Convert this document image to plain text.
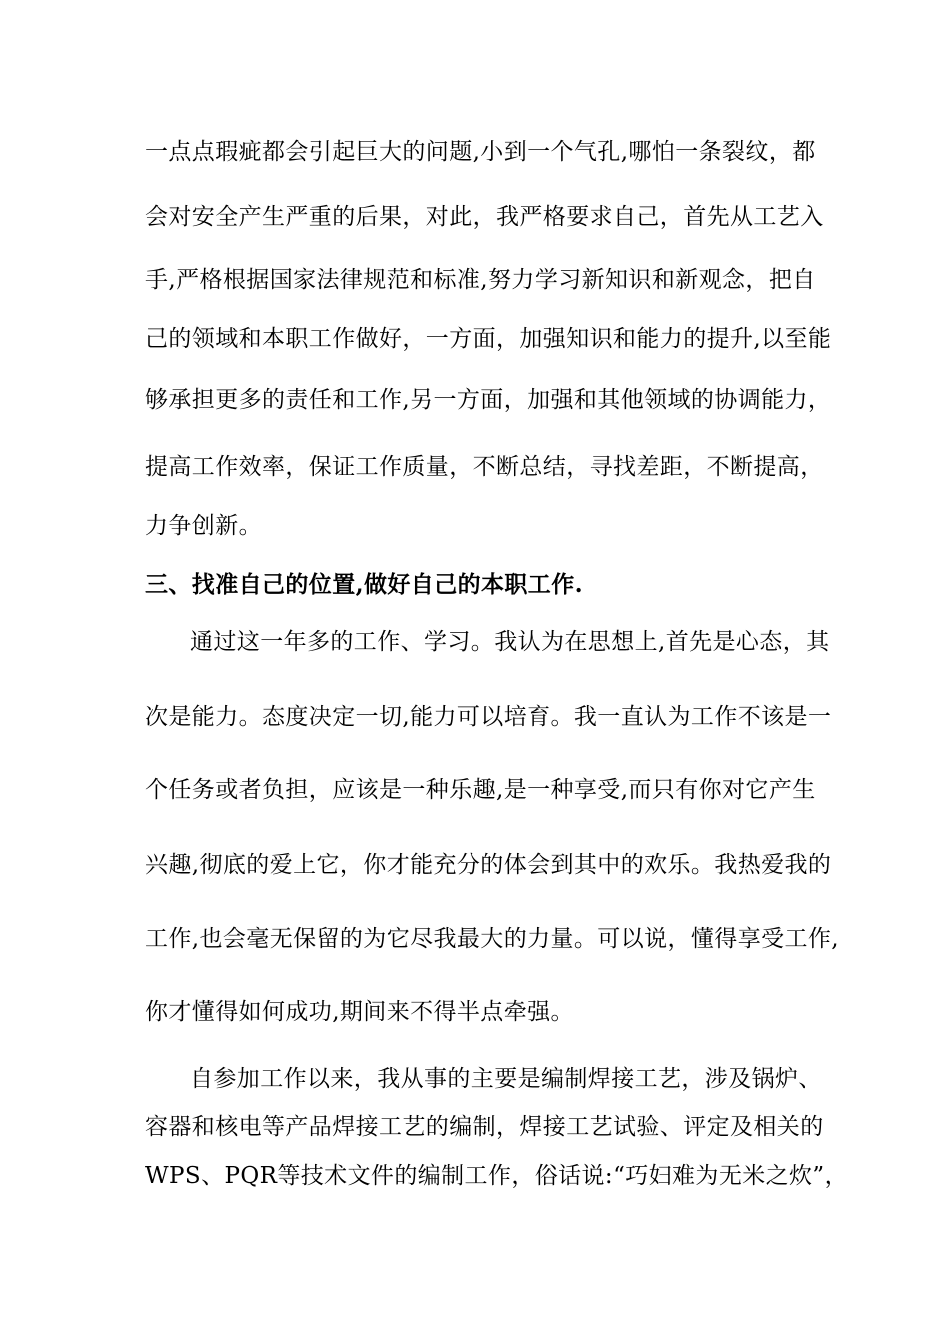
一点点瑕疵都会引起巨大的问题,小到一个气孔,哪怕一条裂纹，都
会对安全产生严重的后果，对此，我严格要求自己，首先从工艺入
手,严格根据国家法律规范和标准,努力学习新知识和新观念，把自
己的领域和本职工作做好，一方面，加强知识和能力的提升,以至能
够承担更多的责任和工作,另一方面，加强和其他领域的协调能力，
提高工作效率，保证工作质量，不断总结，寻找差距，不断提高，
力争创新。
三、找准自己的位置,做好自己的本职工作.
通过这一年多的工作、学习。我认为在思想上,首先是心态，其
次是能力。态度决定一切,能力可以培育。我一直认为工作不该是一
个任务或者负担，应该是一种乐趣,是一种享受,而只有你对它产生
兴趣,彻底的爱上它，你才能充分的体会到其中的欢乐。我热爱我的
工作,也会毫无保留的为它尽我最大的力量。可以说，懂得享受工作,
你才懂得如何成功,期间来不得半点牵强。
自参加工作以来，我从事的主要是编制焊接工艺，涉及锅炉、
容器和核电等产品焊接工艺的编制，焊接工艺试验、评定及相关的
WPS、PQR等技术文件的编制工作，俗话说:“巧妇难为无米之炊”，
